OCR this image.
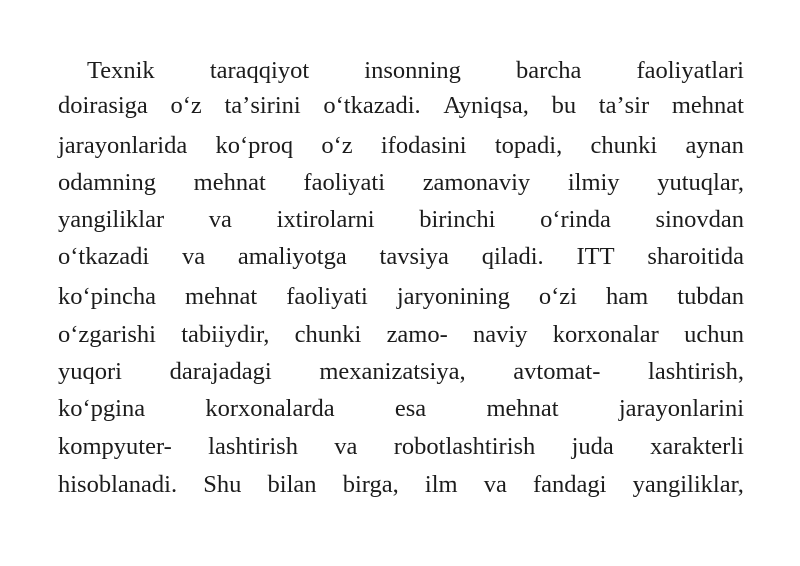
Texnik taraqqiyot insonning barcha faoliyatlari
doirasiga oʻz taʼsirini oʻtkazadi. Ayniqsa, bu taʼsir mehnat
jarayonlarida koʻproq oʻz ifodasini topadi, chunki aynan
odamning mehnat faoliyati zamonaviy ilmiy yutuqlar,
yangiliklar va ixtirolarni birinchi oʻrinda sinovdan
oʻtkazadi va amaliyotga tavsiya qiladi. ITT sharoitida
koʻpincha mehnat faoliyati jaryonining oʻzi ham tubdan
oʻzgarishi tabiiydir, chunki zamo- naviy korxonalar uchun
yuqori darajadagi mexanizatsiya, avtomat- lashtirish,
koʻpgina korxonalarda esa mehnat jarayonlarini
kompyuter- lashtirish va robotlashtirish juda xarakterli
hisoblanadi. Shu bilan birga, ilm va fandagi yangiliklar,
